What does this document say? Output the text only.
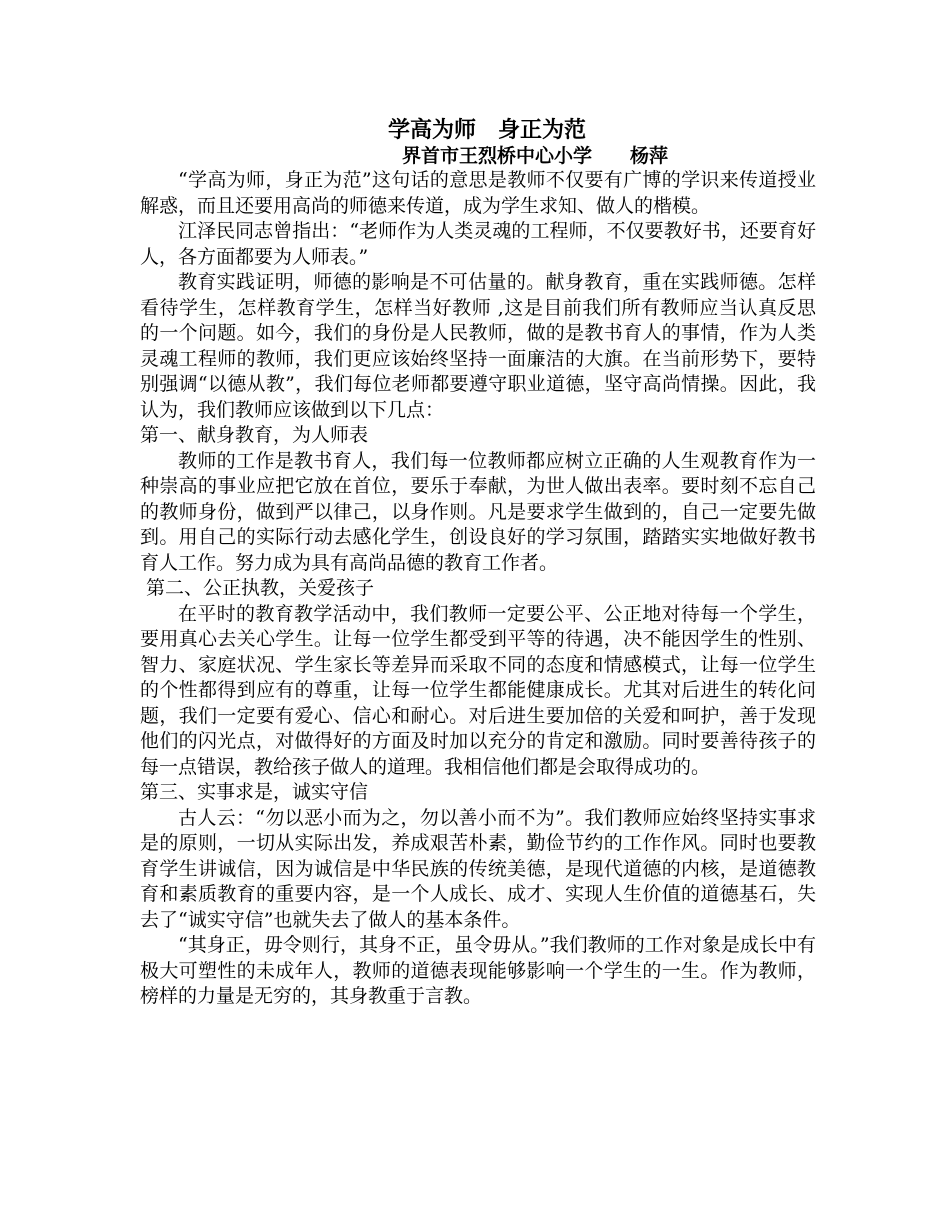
学高为师　身正为范
界首市王烈桥中心小学　　杨萍

“学高为师，身正为范”这句话的意思是教师不仅要有广博的学识来传道授业解惑，而且还要用高尚的师德来传道，成为学生求知、做人的楷模。

江泽民同志曾指出：“老师作为人类灵魂的工程师，不仅要教好书，还要育好人，各方面都要为人师表。”

教育实践证明，师德的影响是不可估量的。献身教育，重在实践师德。怎样看待学生，怎样教育学生，怎样当好教师 ,这是目前我们所有教师应当认真反思的一个问题。如今，我们的身份是人民教师，做的是教书育人的事情，作为人类灵魂工程师的教师，我们更应该始终坚持一面廉洁的大旗。在当前形势下，要特别强调“以德从教”，我们每位老师都要遵守职业道德，坚守高尚情操。因此，我认为，我们教师应该做到以下几点：

第一、献身教育，为人师表

教师的工作是教书育人，我们每一位教师都应树立正确的人生观教育作为一种崇高的事业应把它放在首位，要乐于奉献，为世人做出表率。要时刻不忘自己的教师身份，做到严以律己，以身作则。凡是要求学生做到的，自己一定要先做到。用自己的实际行动去感化学生，创设良好的学习氛围，踏踏实实地做好教书育人工作。努力成为具有高尚品德的教育工作者。

第二、公正执教，关爱孩子

在平时的教育教学活动中，我们教师一定要公平、公正地对待每一个学生，要用真心去关心学生。让每一位学生都受到平等的待遇，决不能因学生的性别、智力、家庭状况、学生家长等差异而采取不同的态度和情感模式，让每一位学生的个性都得到应有的尊重，让每一位学生都能健康成长。尤其对后进生的转化问题，我们一定要有爱心、信心和耐心。对后进生要加倍的关爱和呵护，善于发现他们的闪光点，对做得好的方面及时加以充分的肯定和激励。同时要善待孩子的每一点错误，教给孩子做人的道理。我相信他们都是会取得成功的。

第三、实事求是，诚实守信

古人云：“勿以恶小而为之，勿以善小而不为”。我们教师应始终坚持实事求是的原则，一切从实际出发，养成艰苦朴素，勤俭节约的工作作风。同时也要教育学生讲诚信，因为诚信是中华民族的传统美德，是现代道德的内核，是道德教育和素质教育的重要内容，是一个人成长、成才、实现人生价值的道德基石，失去了“诚实守信”也就失去了做人的基本条件。

“其身正，毋令则行，其身不正，虽令毋从。”我们教师的工作对象是成长中有极大可塑性的未成年人，教师的道德表现能够影响一个学生的一生。作为教师，榜样的力量是无穷的，其身教重于言教。
